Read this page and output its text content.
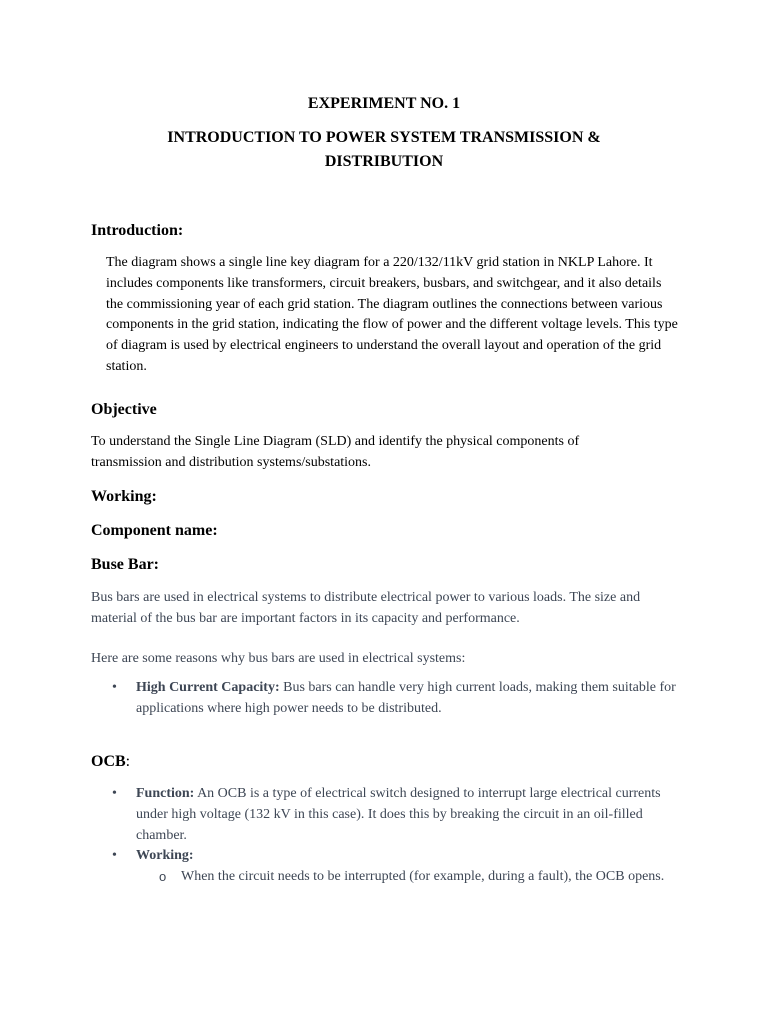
EXPERIMENT NO. 1

INTRODUCTION TO POWER SYSTEM TRANSMISSION & DISTRIBUTION

Introduction:

The diagram shows a single line key diagram for a 220/132/11kV grid station in NKLP Lahore. It includes components like transformers, circuit breakers, busbars, and switchgear, and it also details the commissioning year of each grid station. The diagram outlines the connections between various components in the grid station, indicating the flow of power and the different voltage levels. This type of diagram is used by electrical engineers to understand the overall layout and operation of the grid station.

Objective

To understand the Single Line Diagram (SLD) and identify the physical components of transmission and distribution systems/substations.

Working:
Component name:
Buse Bar:

Bus bars are used in electrical systems to distribute electrical power to various loads. The size and material of the bus bar are important factors in its capacity and performance.

Here are some reasons why bus bars are used in electrical systems:

• High Current Capacity: Bus bars can handle very high current loads, making them suitable for applications where high power needs to be distributed.
OCB:
• Function: An OCB is a type of electrical switch designed to interrupt large electrical currents under high voltage (132 kV in this case). It does this by breaking the circuit in an oil-filled chamber.
• Working:
o When the circuit needs to be interrupted (for example, during a fault), the OCB opens.
